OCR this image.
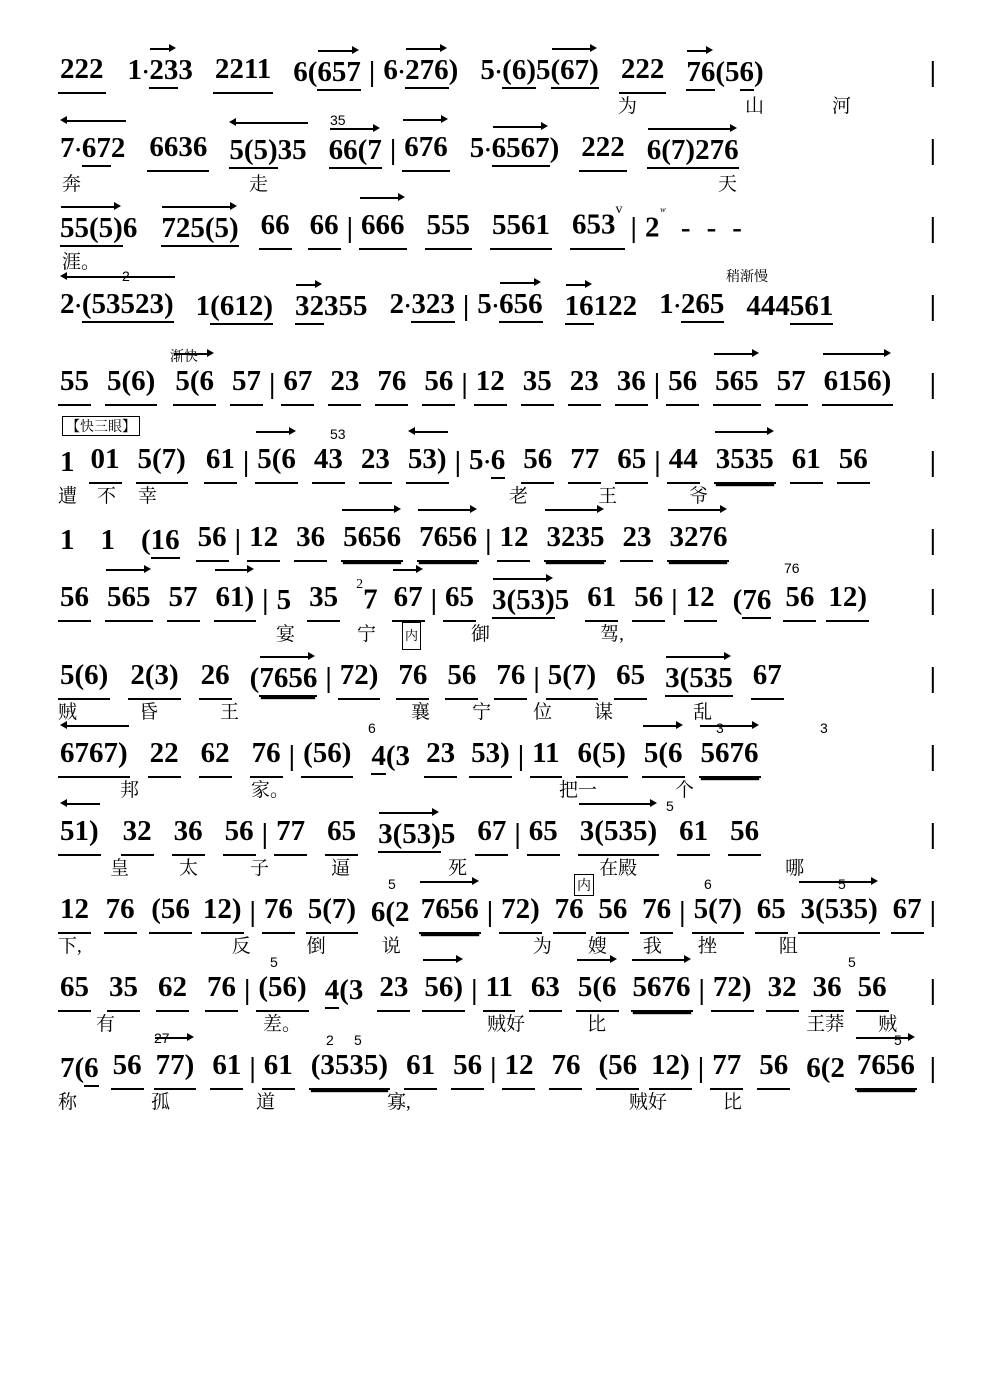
222 1·233 2211 6(657 | 6·276) 5·(6)5(67) 222 76(56)	|
为	山	河
35
7·672 6636 5(5)35 66(7 | 676 5·6567) 222 6(7)276	|
奔	走	天
55(5)6 725(5) 66 66 | 666 555 5561 653$^v$
| $2^ʷ$ - - -	|
涯。
2	稍渐慢
2·(53523) 1(612) 32355 2·323 | 5·656 16122 1·265 444561	|
渐快
55 5(6) 5(6 57 | 67 23 76 56 | 12 35 23 36 | 56 565 57 6156) |
【快三眼】	53
1 01 5(7) 61 | 5(6 43 23 53) | 5·6 56 77 65 | 44 3535 61 56 |
遭 不 幸	老	王	爷
1 1 (16 56 | 12 36 5656 7656 | 12 3235 23 3276	|
76
56 565 57 61) | 5 35 $^2$7 67 | 65 3(53)5 61 56 | 12 (76 56 12) |
宴	宁 内	御	驾,
5(6) 2(3) 26 (7656 | 72) 76 56 76 | 5(7) 65 3(535 67	|
贼	昏	王	襄 宁 位 谋	乱
6	3	3
6767) 22 62 76 | (56) 4(3 23 53) | 11 6(5) 5(6 5676	|
邦	家。	把一	个
5
51) 32 36 56 | 77 65 3(53)5 67 | 65 3(535) 61 56	|
皇	太	子	逼	死	在殿	哪
5	6	5
12 76 (56 12) | 76 5(7) 6(2 7656 | 72) 76 56 76 | 5(7) 65 3(535) 67 |
下,	反	倒	说	为 嫂 我 挫	阻
内
5	5
65 35 62 76 | (56) 4(3 23 56) | 11 63 5(6 5676 | 72) 32 36 56 |
有	差。	贼好	比	王莽 贼
27	2 5	5
7(6 56 77) 61 | 61 (3535) 61 56 | 12 76 (56 12) | 77 56 6(2 7656 |
称	孤	道	寡,	贼好	比
